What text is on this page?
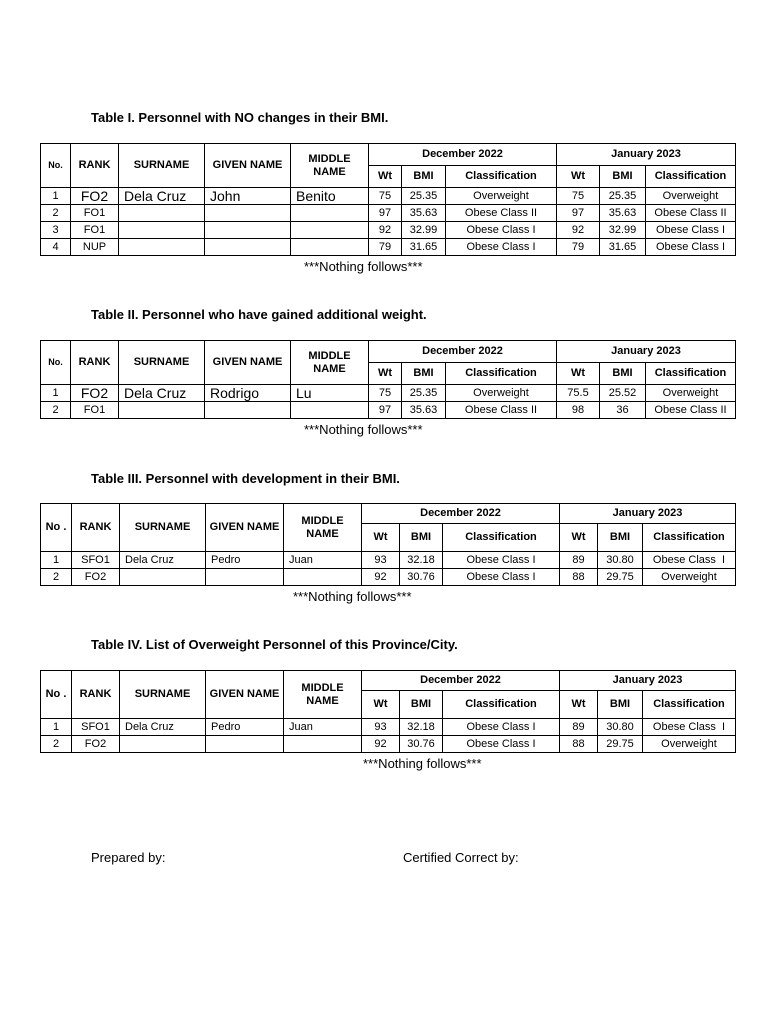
Table I. Personnel with NO changes in their BMI.
No.	RANK	SURNAME	GIVEN NAME	MIDDLE NAME	December 2022			January 2023		
					Wt	BMI	Classification	Wt	BMI	Classification
1	FO2	Dela Cruz	John	Benito	75	25.35	Overweight	75	25.35	Overweight
2	FO1				97	35.63	Obese Class II	97	35.63	Obese Class II
3	FO1				92	32.99	Obese Class I	92	32.99	Obese Class I
4	NUP				79	31.65	Obese Class I	79	31.65	Obese Class I
***Nothing follows***
Table II. Personnel who have gained additional weight.
No.	RANK	SURNAME	GIVEN NAME	MIDDLE NAME	December 2022			January 2023		
					Wt	BMI	Classification	Wt	BMI	Classification
1	FO2	Dela Cruz	Rodrigo	Lu	75	25.35	Overweight	75.5	25.52	Overweight
2	FO1				97	35.63	Obese Class II	98	36	Obese Class II
***Nothing follows***
Table III. Personnel with development in their BMI.
No .	RANK	SURNAME	GIVEN NAME	MIDDLE NAME	December 2022			January 2023		
					Wt	BMI	Classification	Wt	BMI	Classification
1	SFO1	Dela Cruz	Pedro	Juan	93	32.18	Obese Class I	89	30.80	Obese Class  I
2	FO2				92	30.76	Obese Class I	88	29.75	Overweight
***Nothing follows***
Table IV. List of Overweight Personnel of this Province/City.
No .	RANK	SURNAME	GIVEN NAME	MIDDLE NAME	December 2022			January 2023		
					Wt	BMI	Classification	Wt	BMI	Classification
1	SFO1	Dela Cruz	Pedro	Juan	93	32.18	Obese Class I	89	30.80	Obese Class  I
2	FO2				92	30.76	Obese Class I	88	29.75	Overweight
***Nothing follows***
Prepared by:	Certified Correct by:
